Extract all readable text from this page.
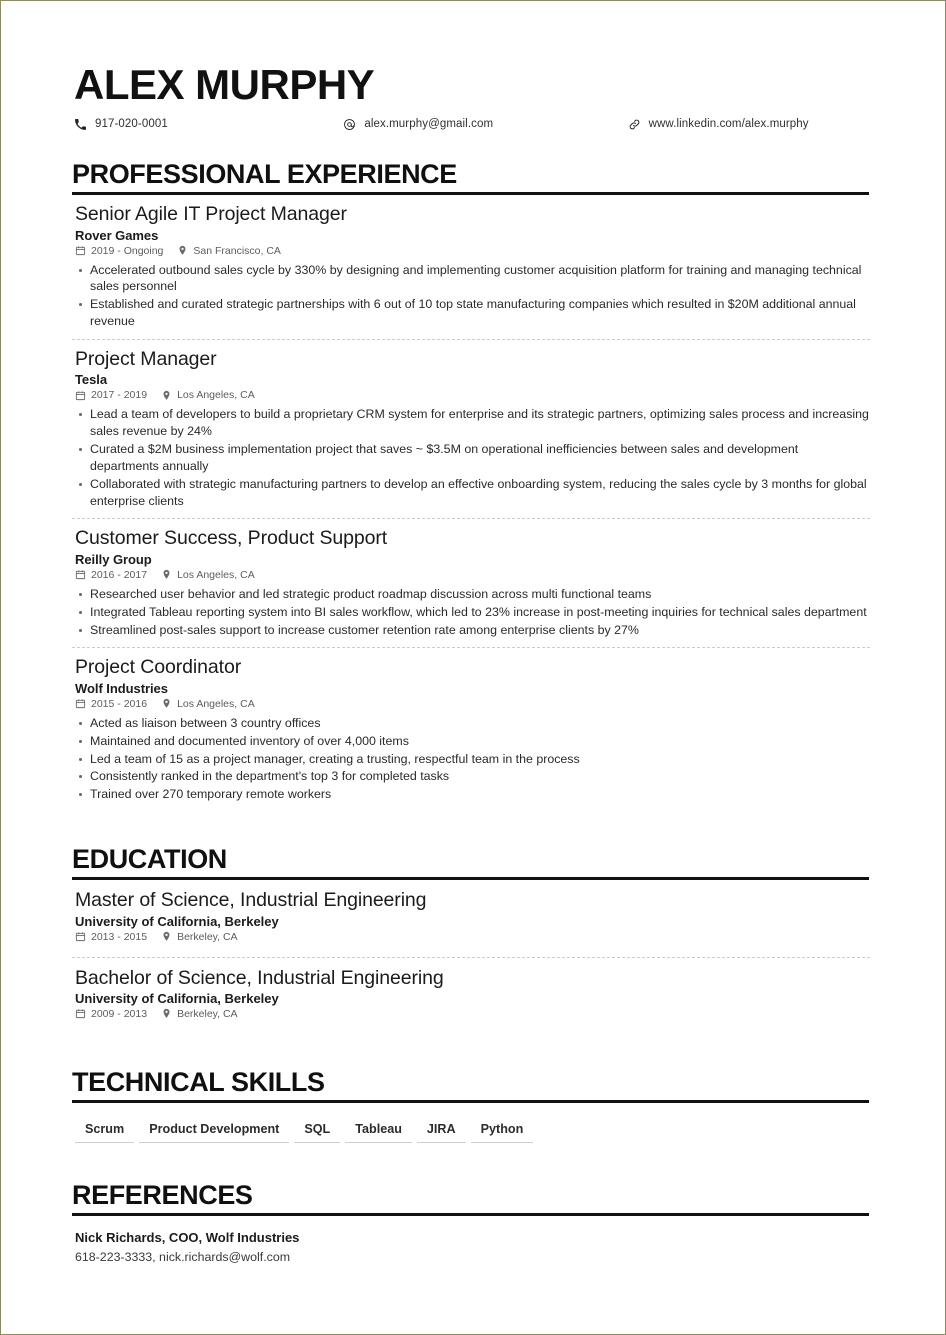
ALEX MURPHY
917-020-0001	alex.murphy@gmail.com	www.linkedin.com/alex.murphy
PROFESSIONAL EXPERIENCE
Senior Agile IT Project Manager
Rover Games
2019 - Ongoing	San Francisco, CA
Accelerated outbound sales cycle by 330% by designing and implementing customer acquisition platform for training and managing technical sales personnel
Established and curated strategic partnerships with 6 out of 10 top state manufacturing companies which resulted in $20M additional annual revenue
Project Manager
Tesla
2017 - 2019	Los Angeles, CA
Lead a team of developers to build a proprietary CRM system for enterprise and its strategic partners, optimizing sales process and increasing sales revenue by 24%
Curated a $2M business implementation project that saves ~ $3.5M on operational inefficiencies between sales and development departments annually
Collaborated with strategic manufacturing partners to develop an effective onboarding system, reducing the sales cycle by 3 months for global enterprise clients
Customer Success, Product Support
Reilly Group
2016 - 2017	Los Angeles, CA
Researched user behavior and led strategic product roadmap discussion across multi functional teams
Integrated Tableau reporting system into BI sales workflow, which led to 23% increase in post-meeting inquiries for technical sales department
Streamlined post-sales support to increase customer retention rate among enterprise clients by 27%
Project Coordinator
Wolf Industries
2015 - 2016	Los Angeles, CA
Acted as liaison between 3 country offices
Maintained and documented inventory of over 4,000 items
Led a team of 15 as a project manager, creating a trusting, respectful team in the process
Consistently ranked in the department's top 3 for completed tasks
Trained over 270 temporary remote workers
EDUCATION
Master of Science, Industrial Engineering
University of California, Berkeley
2013 - 2015	Berkeley, CA
Bachelor of Science, Industrial Engineering
University of California, Berkeley
2009 - 2013	Berkeley, CA
TECHNICAL SKILLS
Scrum	Product Development	SQL	Tableau	JIRA	Python
REFERENCES
Nick Richards, COO, Wolf Industries
618-223-3333, nick.richards@wolf.com
